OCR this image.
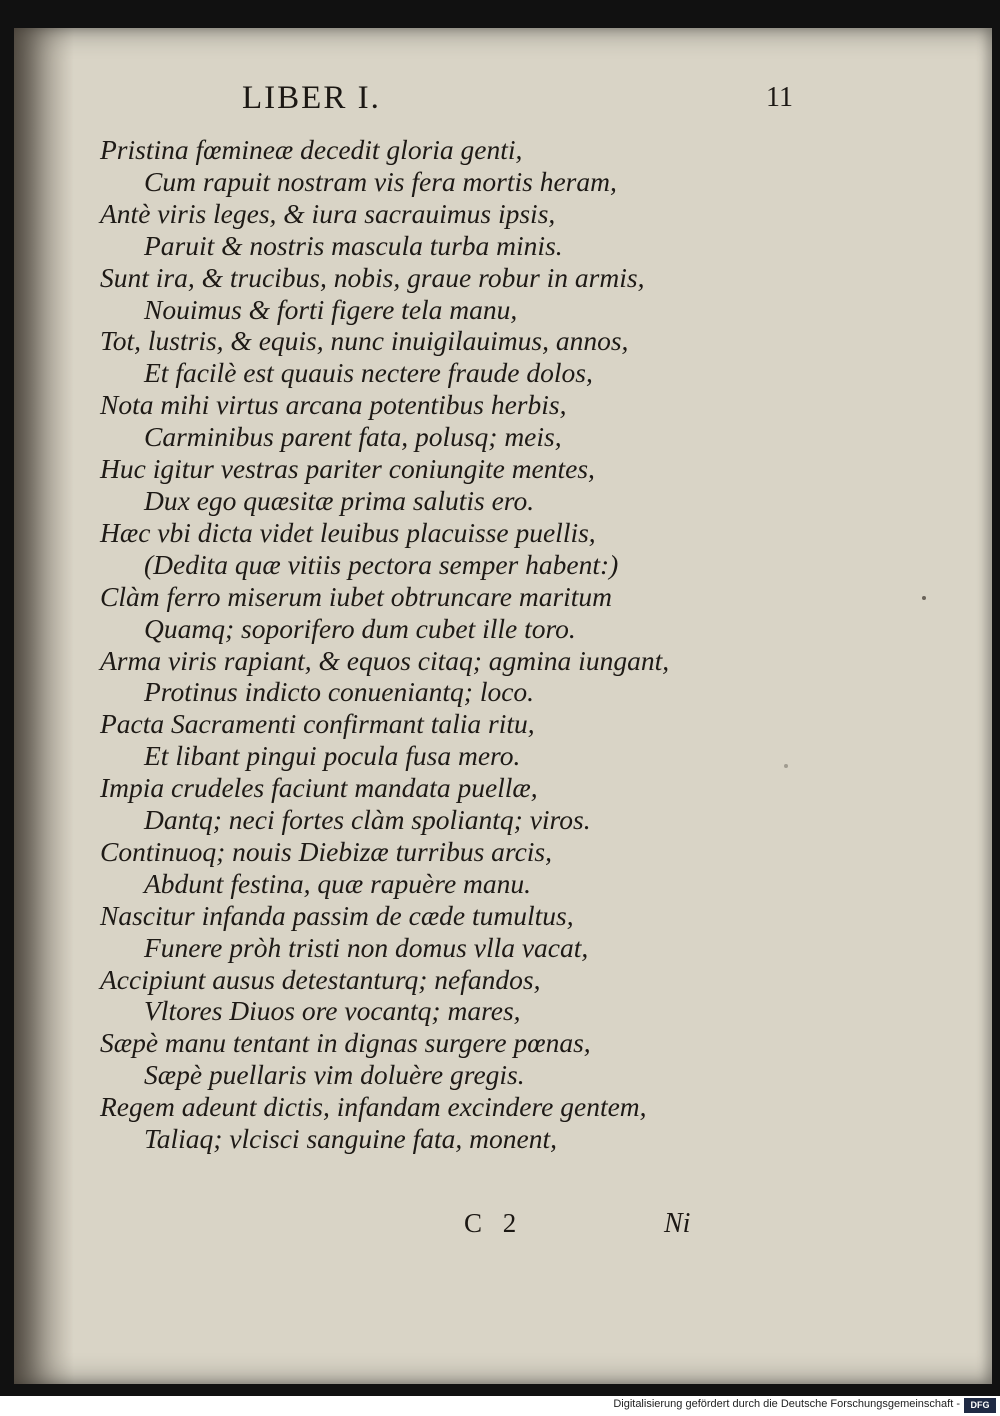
LIBER I.	11
Pristina fœmineæ decedit gloria genti,
Cum rapuit nostram vis fera mortis heram,
Antè viris leges, & iura sacrauimus ipsis,
Paruit & nostris mascula turba minis.
Sunt ira, & trucibus, nobis, graue robur in armis,
Nouimus & forti figere tela manu,
Tot, lustris, & equis, nunc inuigilauimus, annos,
Et facilè est quauis nectere fraude dolos,
Nota mihi virtus arcana potentibus herbis,
Carminibus parent fata, polusq; meis,
Huc igitur vestras pariter coniungite mentes,
Dux ego quæsitæ prima salutis ero.
Hæc vbi dicta videt leuibus placuisse puellis,
(Dedita quæ vitiis pectora semper habent:)
Clàm ferro miserum iubet obtruncare maritum
Quamq; soporifero dum cubet ille toro.
Arma viris rapiant, & equos citaq; agmina iungant,
Protinus indicto conueniantq; loco.
Pacta Sacramenti confirmant talia ritu,
Et libant pingui pocula fusa mero.
Impia crudeles faciunt mandata puellæ,
Dantq; neci fortes clàm spoliantq; viros.
Continuoq; nouis Diebizæ turribus arcis,
Abdunt festina, quæ rapuère manu.
Nascitur infanda passim de cæde tumultus,
Funere pròh tristi non domus vlla vacat,
Accipiunt ausus detestanturq; nefandos,
Vltores Diuos ore vocantq; mares,
Sæpè manu tentant in dignas surgere pœnas,
Sæpè puellaris vim doluère gregis.
Regem adeunt dictis, infandam excindere gentem,
Taliaq; vlcisci sanguine fata, monent,
C 2	Ni
Digitalisierung gefördert durch die Deutsche Forschungsgemeinschaft -	DFG
